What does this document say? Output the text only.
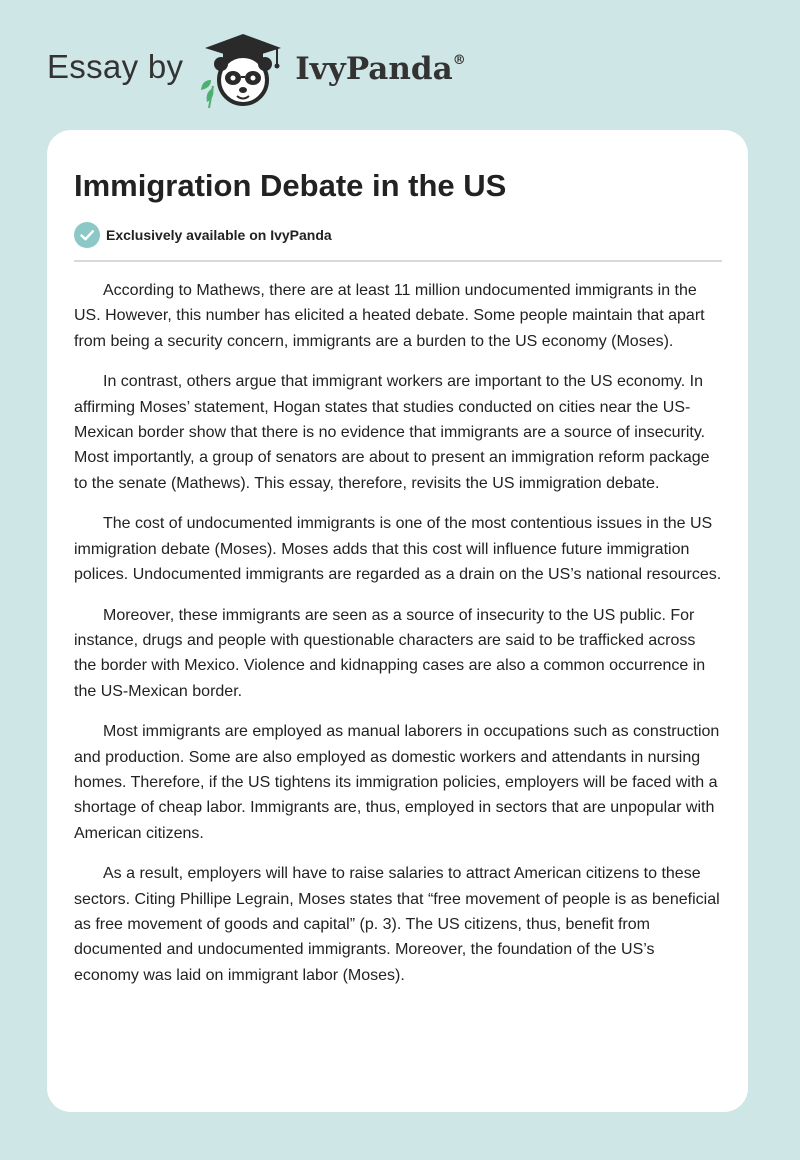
Essay by	IvyPanda®
Immigration Debate in the US
Exclusively available on IvyPanda

According to Mathews, there are at least 11 million undocumented immigrants in the US. However, this number has elicited a heated debate. Some people maintain that apart from being a security concern, immigrants are a burden to the US economy (Moses).

In contrast, others argue that immigrant workers are important to the US economy. In affirming Moses’ statement, Hogan states that studies conducted on cities near the US-Mexican border show that there is no evidence that immigrants are a source of insecurity. Most importantly, a group of senators are about to present an immigration reform package to the senate (Mathews). This essay, therefore, revisits the US immigration debate.

The cost of undocumented immigrants is one of the most contentious issues in the US immigration debate (Moses). Moses adds that this cost will influence future immigration polices. Undocumented immigrants are regarded as a drain on the US’s national resources.

Moreover, these immigrants are seen as a source of insecurity to the US public. For instance, drugs and people with questionable characters are said to be trafficked across the border with Mexico. Violence and kidnapping cases are also a common occurrence in the US-Mexican border.

Most immigrants are employed as manual laborers in occupations such as construction and production. Some are also employed as domestic workers and attendants in nursing homes. Therefore, if the US tightens its immigration policies, employers will be faced with a shortage of cheap labor. Immigrants are, thus, employed in sectors that are unpopular with American citizens.

As a result, employers will have to raise salaries to attract American citizens to these sectors. Citing Phillipe Legrain, Moses states that “free movement of people is as beneficial as free movement of goods and capital” (p. 3). The US citizens, thus, benefit from documented and undocumented immigrants. Moreover, the foundation of the US’s economy was laid on immigrant labor (Moses).
